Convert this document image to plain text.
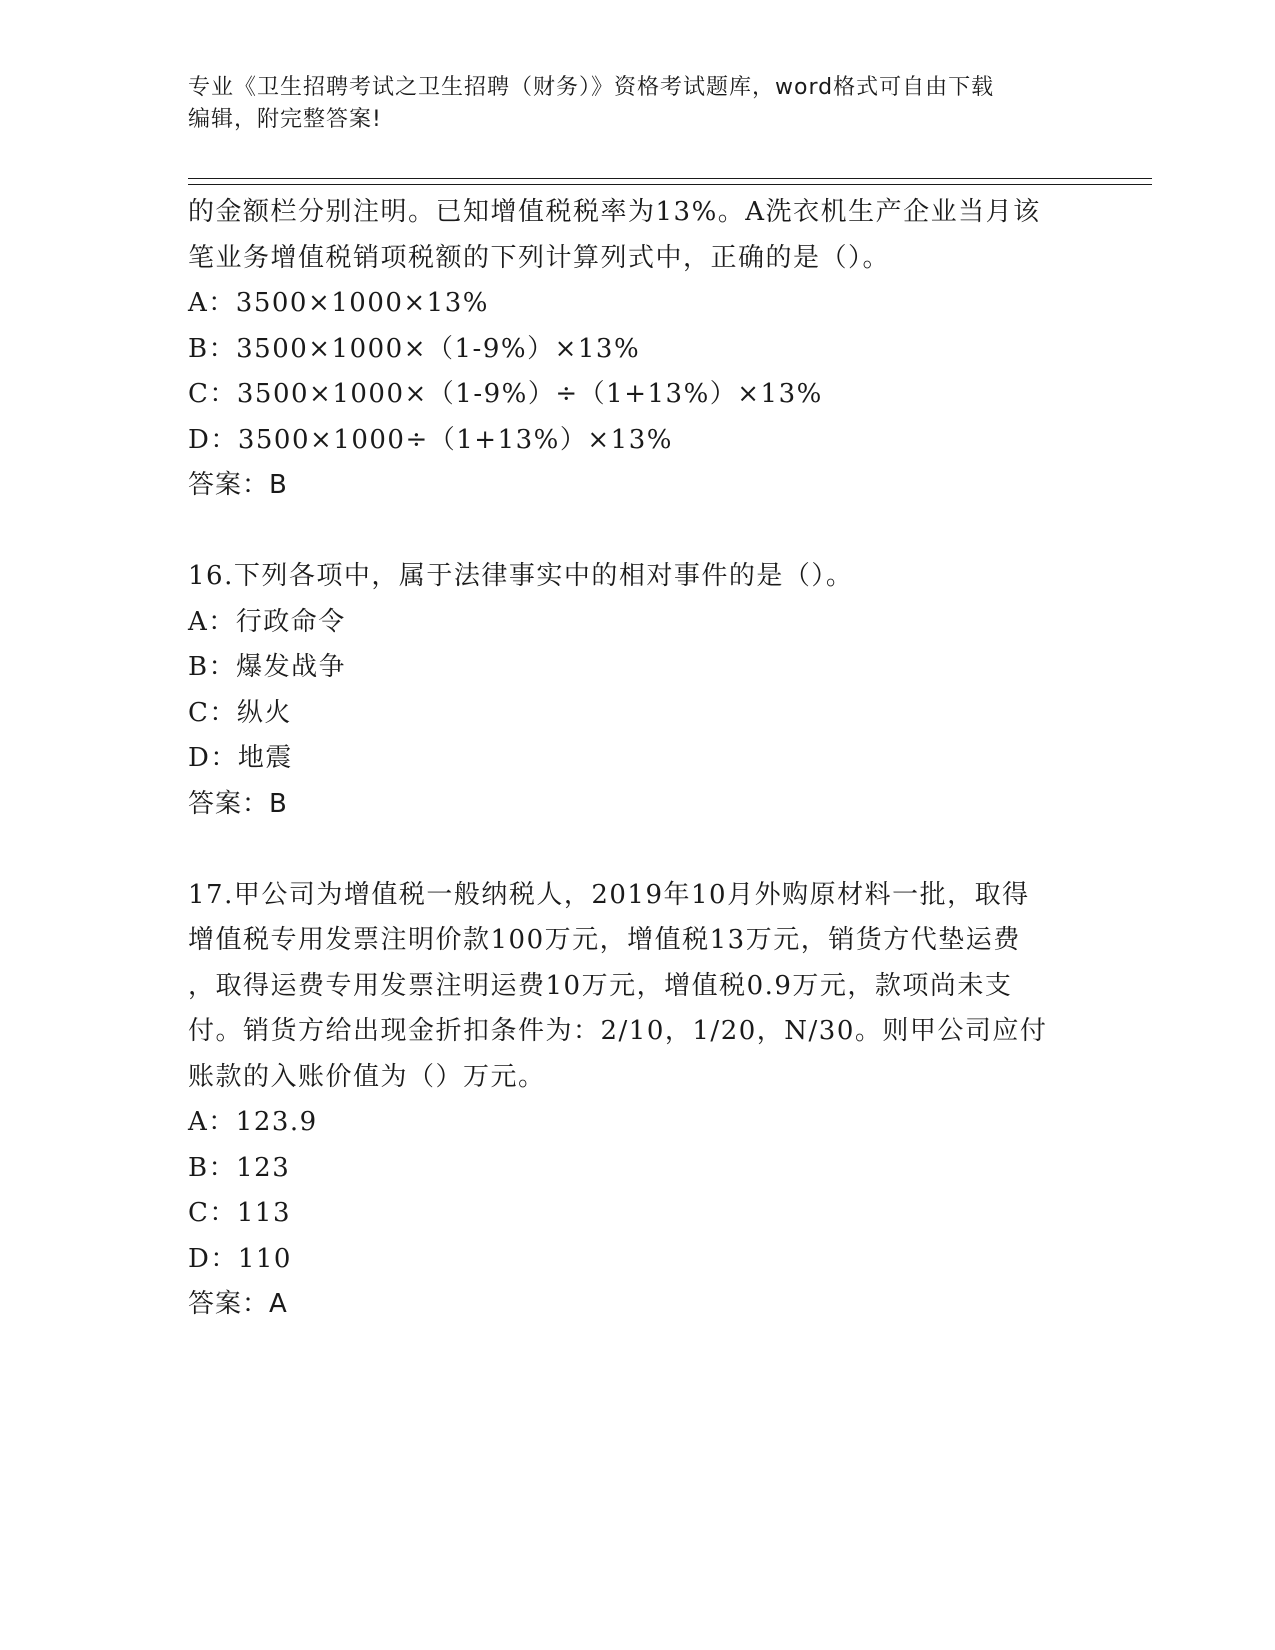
专业《卫生招聘考试之卫生招聘（财务）》资格考试题库，word格式可自由下载
编辑，附完整答案!
的金额栏分别注明。已知增值税税率为13%。A洗衣机生产企业当月该
笔业务增值税销项税额的下列计算列式中，正确的是（）。
A：3500×1000×13%
B：3500×1000×（1-9%）×13%
C：3500×1000×（1-9%）÷（1+13%）×13%
D：3500×1000÷（1+13%）×13%
答案：B
16.下列各项中，属于法律事实中的相对事件的是（）。
A：行政命令
B：爆发战争
C：纵火
D：地震
答案：B
17.甲公司为增值税一般纳税人，2019年10月外购原材料一批，取得
增值税专用发票注明价款100万元，增值税13万元，销货方代垫运费
，取得运费专用发票注明运费10万元，增值税0.9万元，款项尚未支
付。销货方给出现金折扣条件为：2/10，1/20，N/30。则甲公司应付
账款的入账价值为（）万元。
A：123.9
B：123
C：113
D：110
答案：A
